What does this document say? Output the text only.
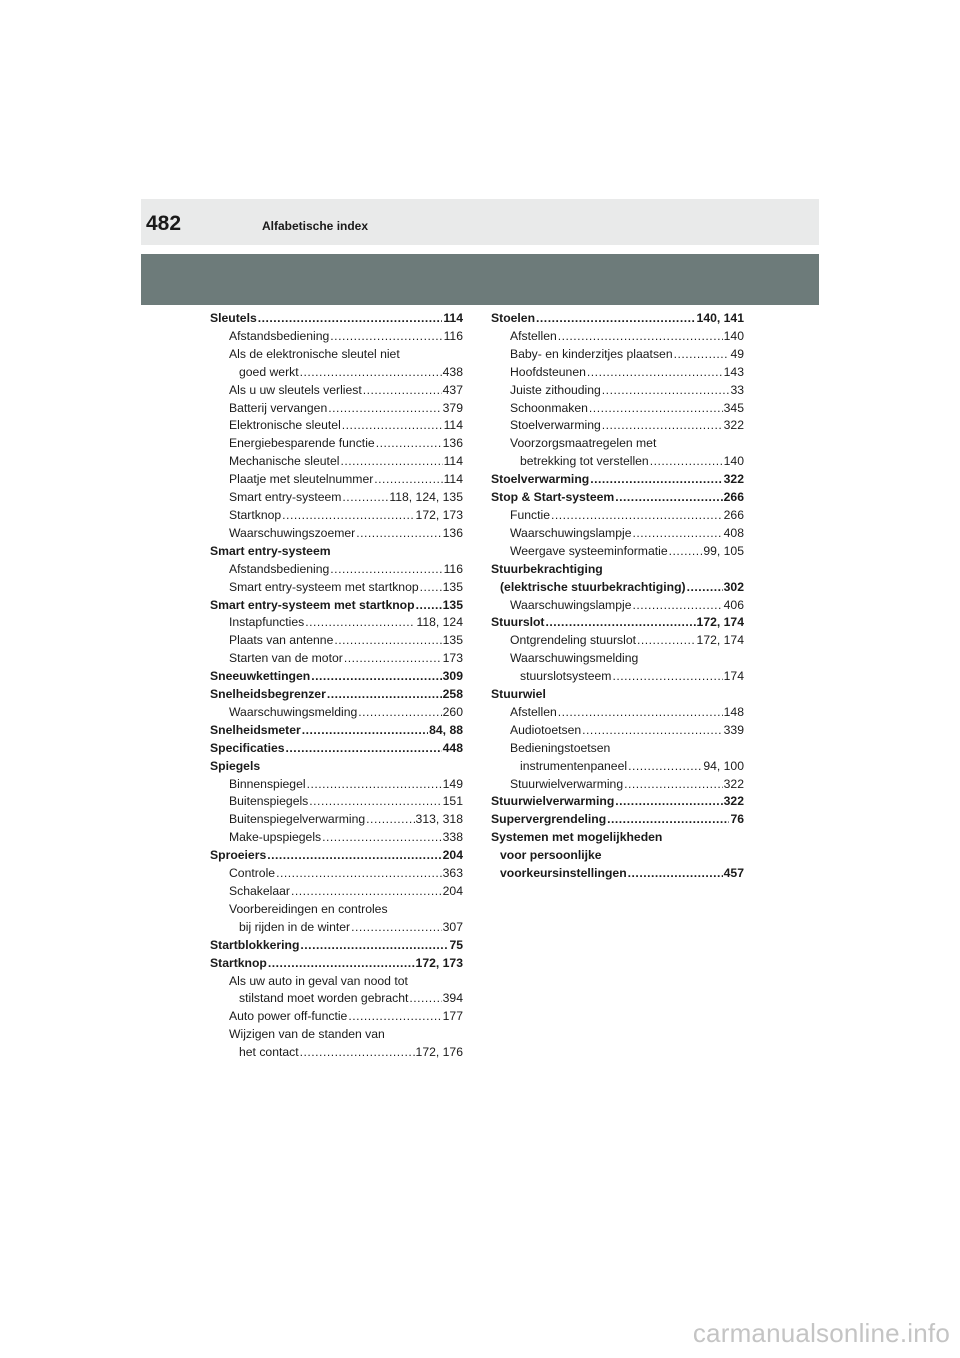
482	Alfabetische index
Sleutels .....	114
Afstandsbediening .....	116
Als de elektronische sleutel niet
goed werkt .....	438
Als u uw sleutels verliest .....	437
Batterij vervangen .....	379
Elektronische sleutel .....	114
Energiebesparende functie .....	136
Mechanische sleutel .....	114
Plaatje met sleutelnummer .....	114
Smart entry-systeem .....	118, 124, 135
Startknop .....	172, 173
Waarschuwingszoemer .....	136
Smart entry-systeem
Afstandsbediening .....	116
Smart entry-systeem met startknop ..... 135
Smart entry-systeem met startknop ..... 135
Instapfuncties .....	118, 124
Plaats van antenne .....	135
Starten van de motor .....	173
Sneeuwkettingen .....	309
Snelheidsbegrenzer .....	258
Waarschuwingsmelding .....	260
Snelheidsmeter .....	84, 88
Specificaties .....	448
Spiegels
Binnenspiegel .....	149
Buitenspiegels .....	151
Buitenspiegelverwarming .....	313, 318
Make-upspiegels .....	338
Sproeiers .....	204
Controle .....	363
Schakelaar .....	204
Voorbereidingen en controles
bij rijden in de winter .....	307
Startblokkering .....	75
Startknop .....	172, 173
Als uw auto in geval van nood tot
stilstand moet worden gebracht .....	394
Auto power off-functie .....	177
Wijzigen van de standen van
het contact .....	172, 176
Stoelen .....	140, 141
Afstellen .....	140
Baby- en kinderzitjes plaatsen .....	49
Hoofdsteunen .....	143
Juiste zithouding .....	33
Schoonmaken .....	345
Stoelverwarming .....	322
Voorzorgsmaatregelen met
betrekking tot verstellen .....	140
Stoelverwarming .....	322
Stop & Start-systeem .....	266
Functie .....	266
Waarschuwingslampje .....	408
Weergave systeeminformatie .....	99, 105
Stuurbekrachtiging
(elektrische stuurbekrachtiging) .....	302
Waarschuwingslampje .....	406
Stuurslot .....	172, 174
Ontgrendeling stuurslot .....	172, 174
Waarschuwingsmelding
stuurslotsysteem .....	174
Stuurwiel
Afstellen .....	148
Audiotoetsen .....	339
Bedieningstoetsen
instrumentenpaneel .....	94, 100
Stuurwielverwarming .....	322
Stuurwielverwarming .....	322
Supervergrendeling .....	76
Systemen met mogelijkheden
voor persoonlijke
voorkeursinstellingen .....	457
carmanualsonline.info
